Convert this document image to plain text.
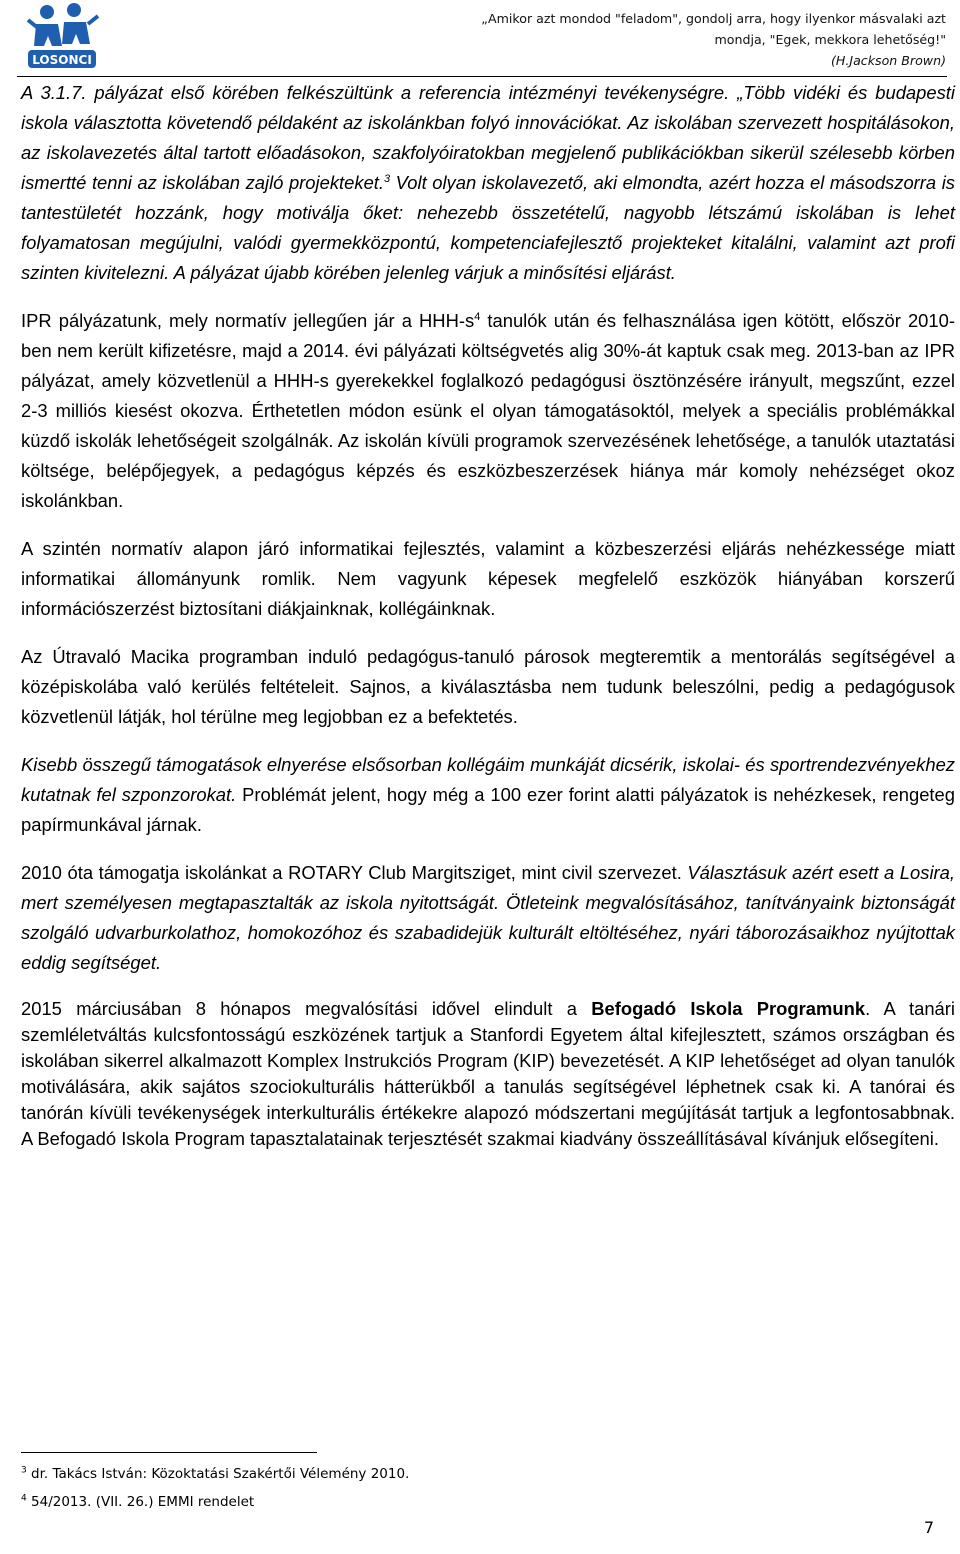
LOSONCI
„Amikor azt mondod "feladom", gondolj arra, hogy ilyenkor másvalaki azt
mondja, "Egek, mekkora lehetőség!"
(H.Jackson Brown)

A 3.1.7. pályázat első körében felkészültünk a referencia intézményi tevékenységre. „Több vidéki és budapesti iskola választotta követendő példaként az iskolánkban folyó innovációkat. Az iskolában szervezett hospitálásokon, az iskolavezetés által tartott előadásokon, szakfolyóiratokban megjelenő publikációkban sikerül szélesebb körben ismertté tenni az iskolában zajló projekteket.$^3$ Volt olyan iskolavezető, aki elmondta, azért hozza el másodszorra is tantestületét hozzánk, hogy motiválja őket: nehezebb összetételű, nagyobb létszámú iskolában is lehet folyamatosan megújulni, valódi gyermekközpontú, kompetenciafejlesztő projekteket kitalálni, valamint azt profi szinten kivitelezni. A pályázat újabb körében jelenleg várjuk a minősítési eljárást.

IPR pályázatunk, mely normatív jellegűen jár a HHH-$s^4$ tanulók után és felhasználása igen kötött, először 2010-ben nem került kifizetésre, majd a 2014. évi pályázati költségvetés alig 30%-át kaptuk csak meg. 2013-ban az IPR pályázat, amely közvetlenül a HHH-s gyerekekkel foglalkozó pedagógusi ösztönzésére irányult, megszűnt, ezzel 2-3 milliós kiesést okozva. Érthetetlen módon esünk el olyan támogatásoktól, melyek a speciális problémákkal küzdő iskolák lehetőségeit szolgálnák. Az iskolán kívüli programok szervezésének lehetősége, a tanulók utaztatási költsége, belépőjegyek, a pedagógus képzés és eszközbeszerzések hiánya már komoly nehézséget okoz iskolánkban.

A szintén normatív alapon járó informatikai fejlesztés, valamint a közbeszerzési eljárás nehézkessége miatt informatikai állományunk romlik. Nem vagyunk képesek megfelelő eszközök hiányában korszerű információszerzést biztosítani diákjainknak, kollégáinknak.

Az Útravaló Macika programban induló pedagógus-tanuló párosok megteremtik a mentorálás segítségével a középiskolába való kerülés feltételeit. Sajnos, a kiválasztásba nem tudunk beleszólni, pedig a pedagógusok közvetlenül látják, hol térülne meg legjobban ez a befektetés.

Kisebb összegű támogatások elnyerése elsősorban kollégáim munkáját dicsérik, iskolai- és sportrendezvényekhez kutatnak fel szponzorokat. Problémát jelent, hogy még a 100 ezer forint alatti pályázatok is nehézkesek, rengeteg papírmunkával járnak.

2010 óta támogatja iskolánkat a ROTARY Club Margitsziget, mint civil szervezet. Választásuk azért esett a Losira, mert személyesen megtapasztalták az iskola nyitottságát. Ötleteink megvalósításához, tanítványaink biztonságát szolgáló udvarburkolathoz, homokozóhoz és szabadidejük kulturált eltöltéséhez, nyári táborozásaikhoz nyújtottak eddig segítséget.

2015 márciusában 8 hónapos megvalósítási idővel elindult a Befogadó Iskola Programunk. A tanári szemléletváltás kulcsfontosságú eszközének tartjuk a Stanfordi Egyetem által kifejlesztett, számos országban és iskolában sikerrel alkalmazott Komplex Instrukciós Program (KIP) bevezetését. A KIP lehetőséget ad olyan tanulók motiválására, akik sajátos szociokulturális hátterükből a tanulás segítségével léphetnek csak ki. A tanórai és tanórán kívüli tevékenységek interkulturális értékekre alapozó módszertani megújítását tartjuk a legfontosabbnak. A Befogadó Iskola Program tapasztalatainak terjesztését szakmai kiadvány összeállításával kívánjuk elősegíteni.

$^3$ dr. Takács István: Közoktatási Szakértői Vélemény 2010.
$^4$ 54/2013. (VII. 26.) EMMI rendelet
7
